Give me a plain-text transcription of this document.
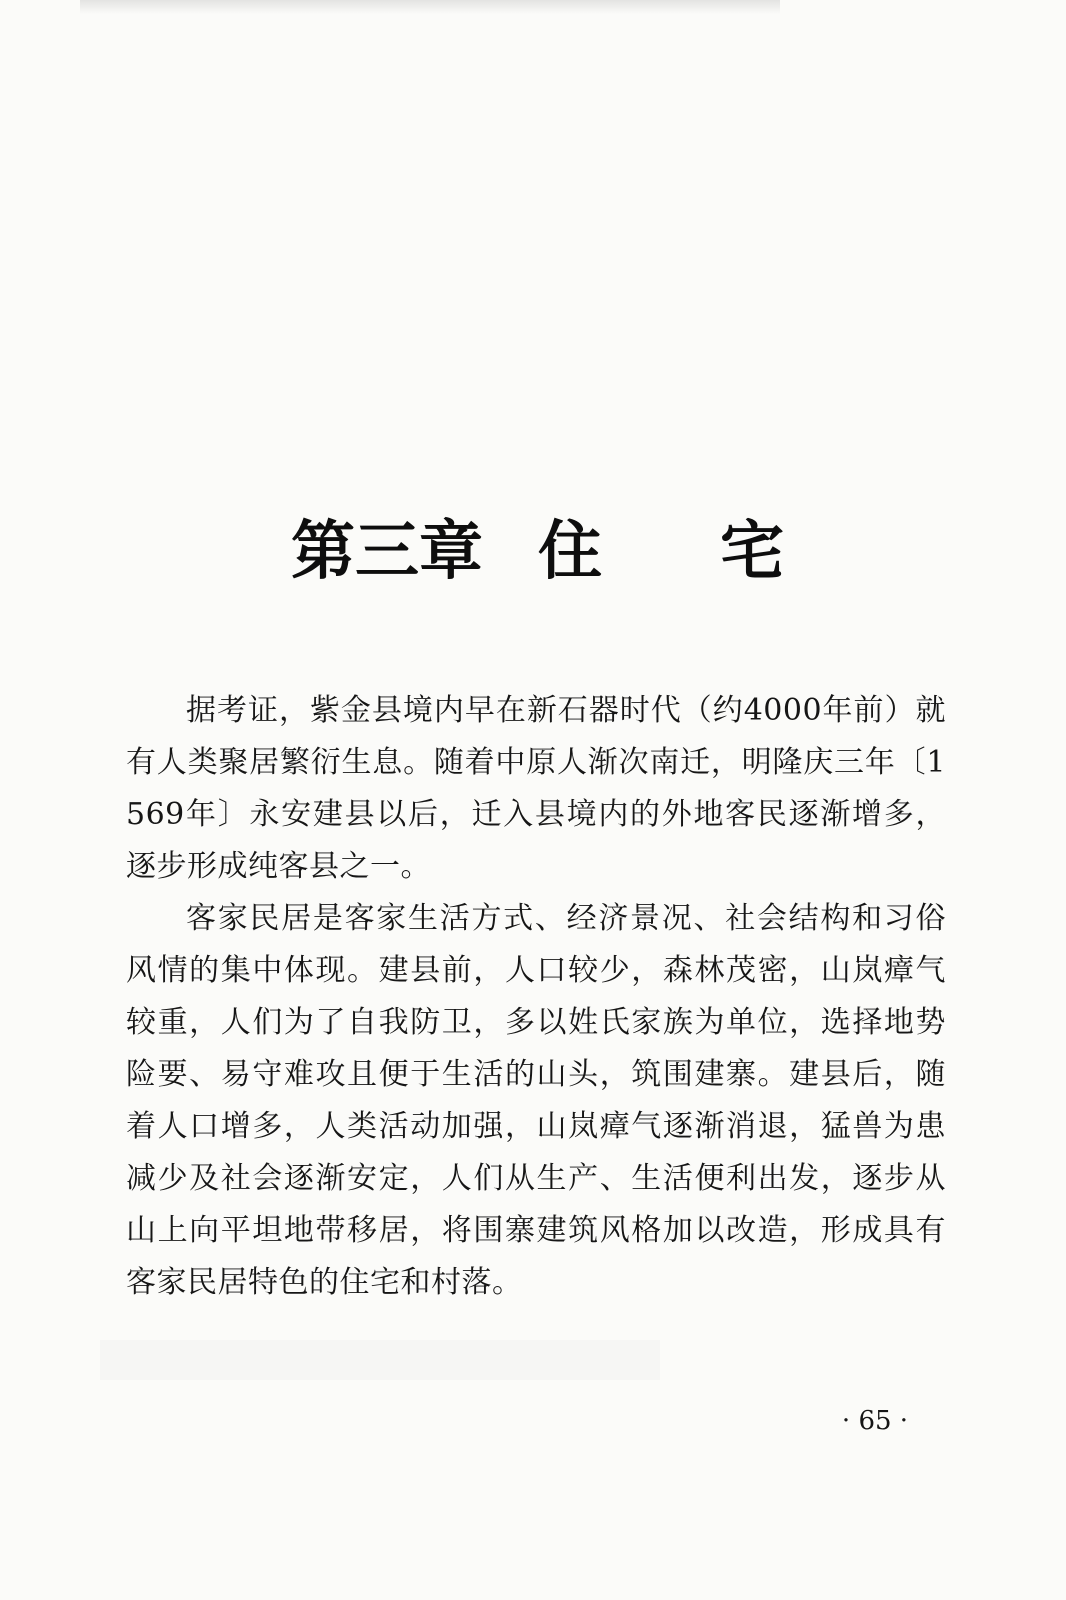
第三章 住 宅

据考证，紫金县境内早在新石器时代（约4000年前）就有人类聚居繁衍生息。随着中原人渐次南迁，明隆庆三年〔1569年〕永安建县以后，迁入县境内的外地客民逐渐增多，逐步形成纯客县之一。

客家民居是客家生活方式、经济景况、社会结构和习俗风情的集中体现。建县前，人口较少，森林茂密，山岚瘴气较重，人们为了自我防卫，多以姓氏家族为单位，选择地势险要、易守难攻且便于生活的山头，筑围建寨。建县后，随着人口增多，人类活动加强，山岚瘴气逐渐消退，猛兽为患减少及社会逐渐安定，人们从生产、生活便利出发，逐步从山上向平坦地带移居，将围寨建筑风格加以改造，形成具有客家民居特色的住宅和村落。

· 65 ·
